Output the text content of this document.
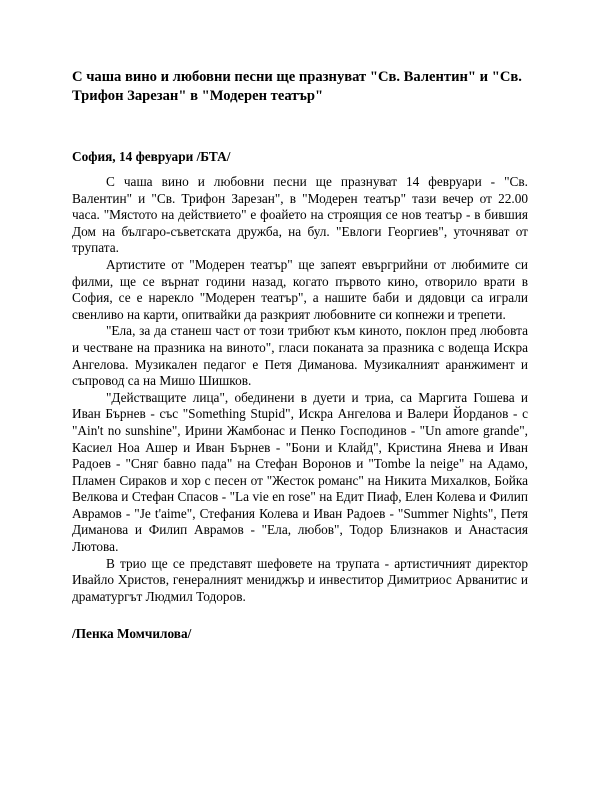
С чаша вино и любовни песни ще празнуват "Св. Валентин" и "Св. Трифон Зарезан" в "Модерен театър"

София, 14 февруари /БТА/

С чаша вино и любовни песни ще празнуват 14 февруари - "Св. Валентин" и "Св. Трифон Зарезан", в "Модерен театър" тази вечер от 22.00 часа. "Мястото на действието" е фоайето на строящия се нов театър - в бившия Дом на българо-съветската дружба, на бул. "Евлоги Георгиев", уточняват от трупата.

Артистите от "Модерен театър" ще запеят евъргрийни от любимите си филми, ще се върнат години назад, когато първото кино, отворило врати в София, се е нарекло "Модерен театър", а нашите баби и дядовци са играли свенливо на карти, опитвайки да разкрият любовните си копнежи и трепети.

"Ела, за да станеш част от този трибют към киното, поклон пред любовта и честване на празника на виното", гласи поканата за празника с водеща Искра Ангелова. Музикален педагог е Петя Диманова. Музикалният аранжимент и съпровод са на Мишо Шишков.

"Действащите лица", обединени в дуети и триа, са Маргита Гошева и Иван Бърнев - със "Something Stupid", Искра Ангелова и Валери Йорданов - с "Ain't no sunshine", Ирини Жамбонас и Пенко Господинов - "Un amore grande", Касиел Ноа Ашер и Иван Бърнев - "Бони и Клайд", Кристина Янева и Иван Радоев - "Сняг бавно пада" на Стефан Воронов и "Tombe la neige" на Адамо, Пламен Сираков и хор с песен от "Жесток романс" на Никита Михалков, Бойка Велкова и Стефан Спасов - "La vie en rose" на Едит Пиаф, Елен Колева и Филип Аврамов - "Je t'aime", Стефания Колева и Иван Радоев - "Summer Nights", Петя Диманова и Филип Аврамов - "Ела, любов", Тодор Близнаков и Анастасия Лютова.

В трио ще се представят шефовете на трупата - артистичният директор Ивайло Христов, генералният мениджър и инвеститор Димитриос Арванитис и драматургът Людмил Тодоров.

/Пенка Момчилова/
